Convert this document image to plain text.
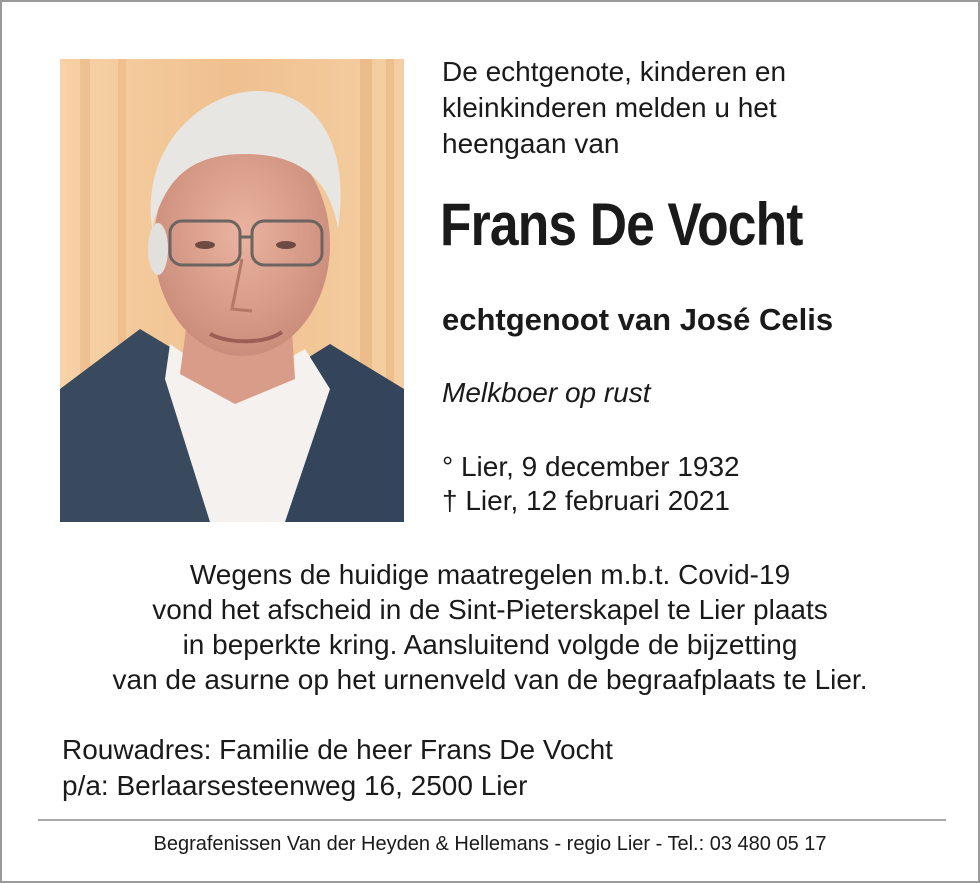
De echtgenote, kinderen en

kleinkinderen melden u het

heengaan van

Frans De Vocht

echtgenoot van José Celis

Melkboer op rust

° Lier, 9 december 1932
† Lier, 12 februari 2021
Wegens de huidige maatregelen m.b.t. Covid-19
vond het afscheid in de Sint-Pieterskapel te Lier plaats
in beperkte kring. Aansluitend volgde de bijzetting
van de asurne op het urnenveld van de begraafplaats te Lier.
Rouwadres: Familie de heer Frans De Vocht
p/a: Berlaarsesteenweg 16, 2500 Lier
Begrafenissen Van der Heyden & Hellemans - regio Lier - Tel.: 03 480 05 17
